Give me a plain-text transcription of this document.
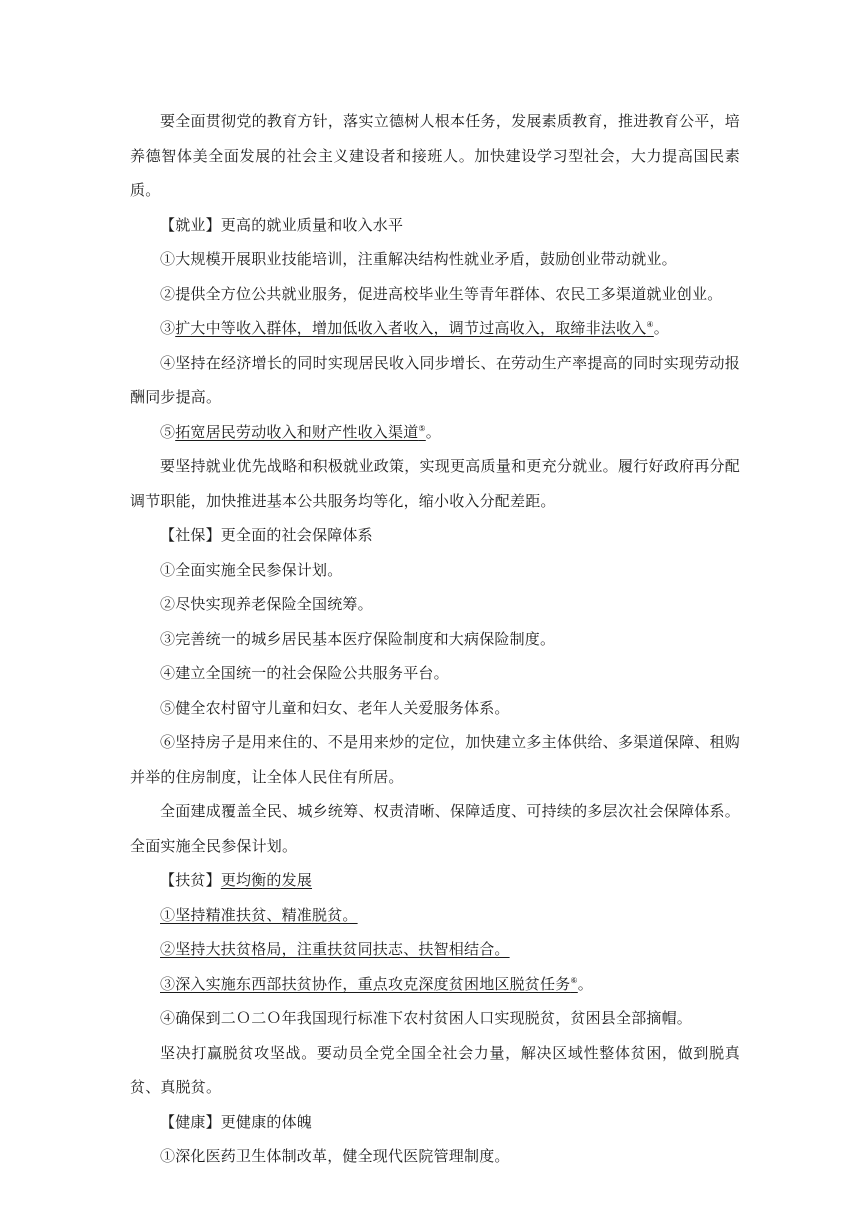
要全面贯彻党的教育方针，落实立德树人根本任务，发展素质教育，推进教育公平，培养德智体美全面发展的社会主义建设者和接班人。加快建设学习型社会，大力提高国民素质。

【就业】更高的就业质量和收入水平

①大规模开展职业技能培训，注重解决结构性就业矛盾，鼓励创业带动就业。

②提供全方位公共就业服务，促进高校毕业生等青年群体、农民工多渠道就业创业。

③扩大中等收入群体，增加低收入者收入，调节过高收入，取缔非法收入④。

④坚持在经济增长的同时实现居民收入同步增长、在劳动生产率提高的同时实现劳动报酬同步提高。

⑤拓宽居民劳动收入和财产性收入渠道⑤。

要坚持就业优先战略和积极就业政策，实现更高质量和更充分就业。履行好政府再分配调节职能，加快推进基本公共服务均等化，缩小收入分配差距。

【社保】更全面的社会保障体系

①全面实施全民参保计划。

②尽快实现养老保险全国统筹。

③完善统一的城乡居民基本医疗保险制度和大病保险制度。

④建立全国统一的社会保险公共服务平台。

⑤健全农村留守儿童和妇女、老年人关爱服务体系。

⑥坚持房子是用来住的、不是用来炒的定位，加快建立多主体供给、多渠道保障、租购并举的住房制度，让全体人民住有所居。

全面建成覆盖全民、城乡统筹、权责清晰、保障适度、可持续的多层次社会保障体系。全面实施全民参保计划。

【扶贫】更均衡的发展

①坚持精准扶贫、精准脱贫。

②坚持大扶贫格局，注重扶贫同扶志、扶智相结合。

③深入实施东西部扶贫协作，重点攻克深度贫困地区脱贫任务⑥。

④确保到二Ｏ二Ｏ年我国现行标准下农村贫困人口实现脱贫，贫困县全部摘帽。

坚决打赢脱贫攻坚战。要动员全党全国全社会力量，解决区域性整体贫困，做到脱真贫、真脱贫。

【健康】更健康的体魄

①深化医药卫生体制改革，健全现代医院管理制度。
